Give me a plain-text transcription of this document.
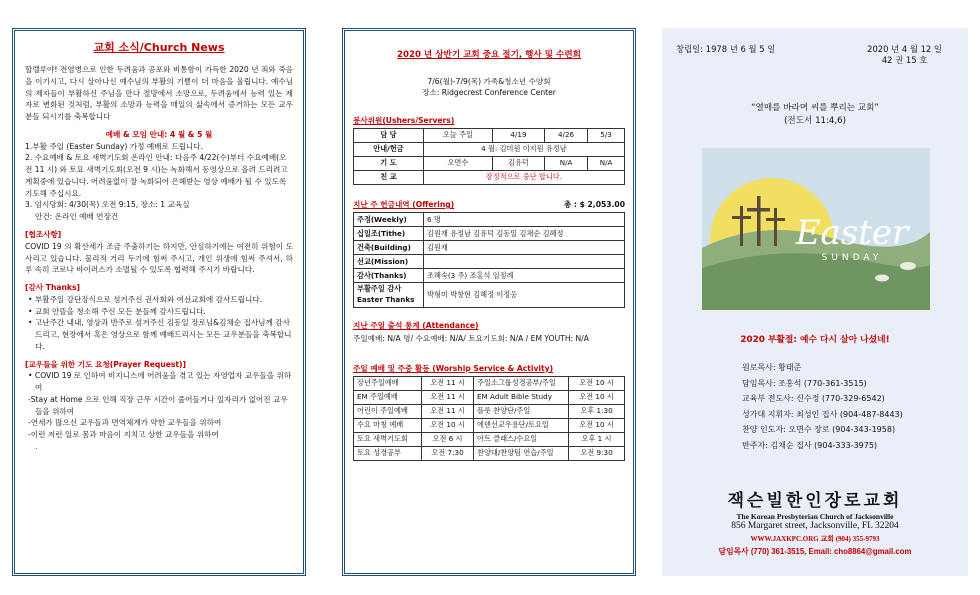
교회 소식/Church News

할렐루야! 전염병으로 인한 두려움과 공포와 비통함이 가득한 2020 년 죄와 죽음을 이기시고, 다시 살아나신 예수님의 부활의 기쁨이 더 마음을 울립니다. 예수님의 제자들이 부활하신 주님을 만나 절망에서 소망으로, 두려움에서 능력 있는 제자로 변화된 것처럼, 부활의 소망과 능력을 매일의 삶속에서 증거하는 모든 교우분들 되시기를 축복합니다

예배 & 모임 안내: 4 월 & 5 월
1.부활 주일 (Easter Sunday) 가정 예배로 드립니다.
2. 수요예배 & 토요 새벽기도회 온라인 안내: 다음주 4/22(수)부터 수요예배(오전 11 시) 와 토요 새벽기도회(오전 9 시)는 녹화해서 동영상으로 올려 드리려고 계획중에 있습니다. 어려움없이 잘 녹화되어 은혜받는 영상 예배가 될 수 있도록 기도해 주십시요.
3. 임시당회: 4/30(목) 오전 9:15, 장소: 1 교육실
안건: 온라인 예배 연장건
[협조사항]

COVID 19 의 확산세가 조금 주춤하기는 하지만, 안심하기에는 여전히 위험이 도사리고 있습니다. 물리적 거리 두기에 힘써 주시고, 개인 위생에 힘써 주셔서, 하루 속히 코로나 바이러스가 소멸될 수 있도록 협력해 주시기 바랍니다.

[감사 Thanks]
• 부활주일 강단장식으로 섬겨주신 권사회와 여선교회에 감사드립니다.
• 교회 안뜰을 청소해 주신 모든 분들께 감사드립니다.
• 고난주간 내내, 영상과 반주로 섬겨주신 김동일 장로님&김채순 집사님께 감사드리고, 현장에서 혹은 영상으로 함께 예배드리시는 모든 교우분들을 축복합니다.
[교우들을 위한 기도 요청(Prayer Request)]
• COVID 19 로 인하여 비지니스에 어려움을 겪고 있는 자영업자 교우들을 위하여
-Stay at Home 으로 인해 직장 근무 시간이 줄어들거나 일자리가 없어진 교우들을 위하여
-연세가 많으신 교우들과 면역체계가 약한 교우들을 위하여
-이런 저런 일로 몸과 마음이 지치고 상한 교우들을 위하여
.
2020 년 상반기 교회 중요 절기, 행사 및 수련회
7/6(월)-7/9(목) 가족&청소년 수양회
장소: Ridgecrest Conference Center
봉사위원(Ushers/Servers)
담 당	오늘 주일	4/19	4/26	5/3
안내/헌금	4 월: 김미원 이지원 유정남			
기 도	오면수	김유덕	N/A	N/A
친 교	잠정적으로 중단 합니다.			
지난 주 헌금내역 (Offering)	총 : $ 2,053.00
주정(Weekly)	6 명
십일조(Tithe)	김원재 유정남 김유덕 김동일 김채순 김혜정
건축(Building)	김원재
선교(Mission)	
감사(Thanks)	조혜숙(3 주) 조홍석 임정례
부활주일 감사 Easter Thanks	박형미 박창현 김혜정 이정옹
지난 주일 출석 통계 (Attendance)
주일예배: N/A 명/ 수요예배: N/A/ 토요기도회: N/A / EM YOUTH: N/A
주일 예배 및 주중 활동 (Worship Service & Activity)
장년주일예배	오전 11 시	주일소그룹성경공부/주일	오전 10 시
EM 주일예배	오전 11 시	EM Adult Bible Study	오전 10 시
어린이 주일예배	오전 11 시	플룻 찬양단/주일	오후 1:30
수요 마칭 예배	오전 10 시	에덴선교우용단/토요일	오전 10 시
토요 새벽기도회	오전 6 시	아트 클래스/수요일	오후 1 시
토요 성경공부	오전 7:30	찬양대/찬양팀 연습/주일	오전 9:30
창립일: 1978 년 6 월 5 일	2020 년 4 월 12 일
42 권 15 호
“열매를 바라며 씨를 뿌리는 교회”
(전도서 11:4,6)
Easter
SUNDAY
2020 부활절: 예수 다시 살아 나셨네!
원로목사: 황태준
담임목사: 조홍석 (770-361-3515)
교육부 전도사: 신수정 (770-329-6542)
성가대 지휘자: 최성인 집사 (904-487-8443)
찬양 인도자: 오면수 장로 (904-343-1958)
반주자: 김채순 집사 (904-333-3975)
잭슨빌한인장로교회
The Korean Presbyterian Church of Jacksonville
856 Margaret street, Jacksonville, FL 32204
WWW.JAXKPC.ORG 교회 (904) 355-9793
담임목사 (770) 361-3515, Email: cho8864@gmail.com
